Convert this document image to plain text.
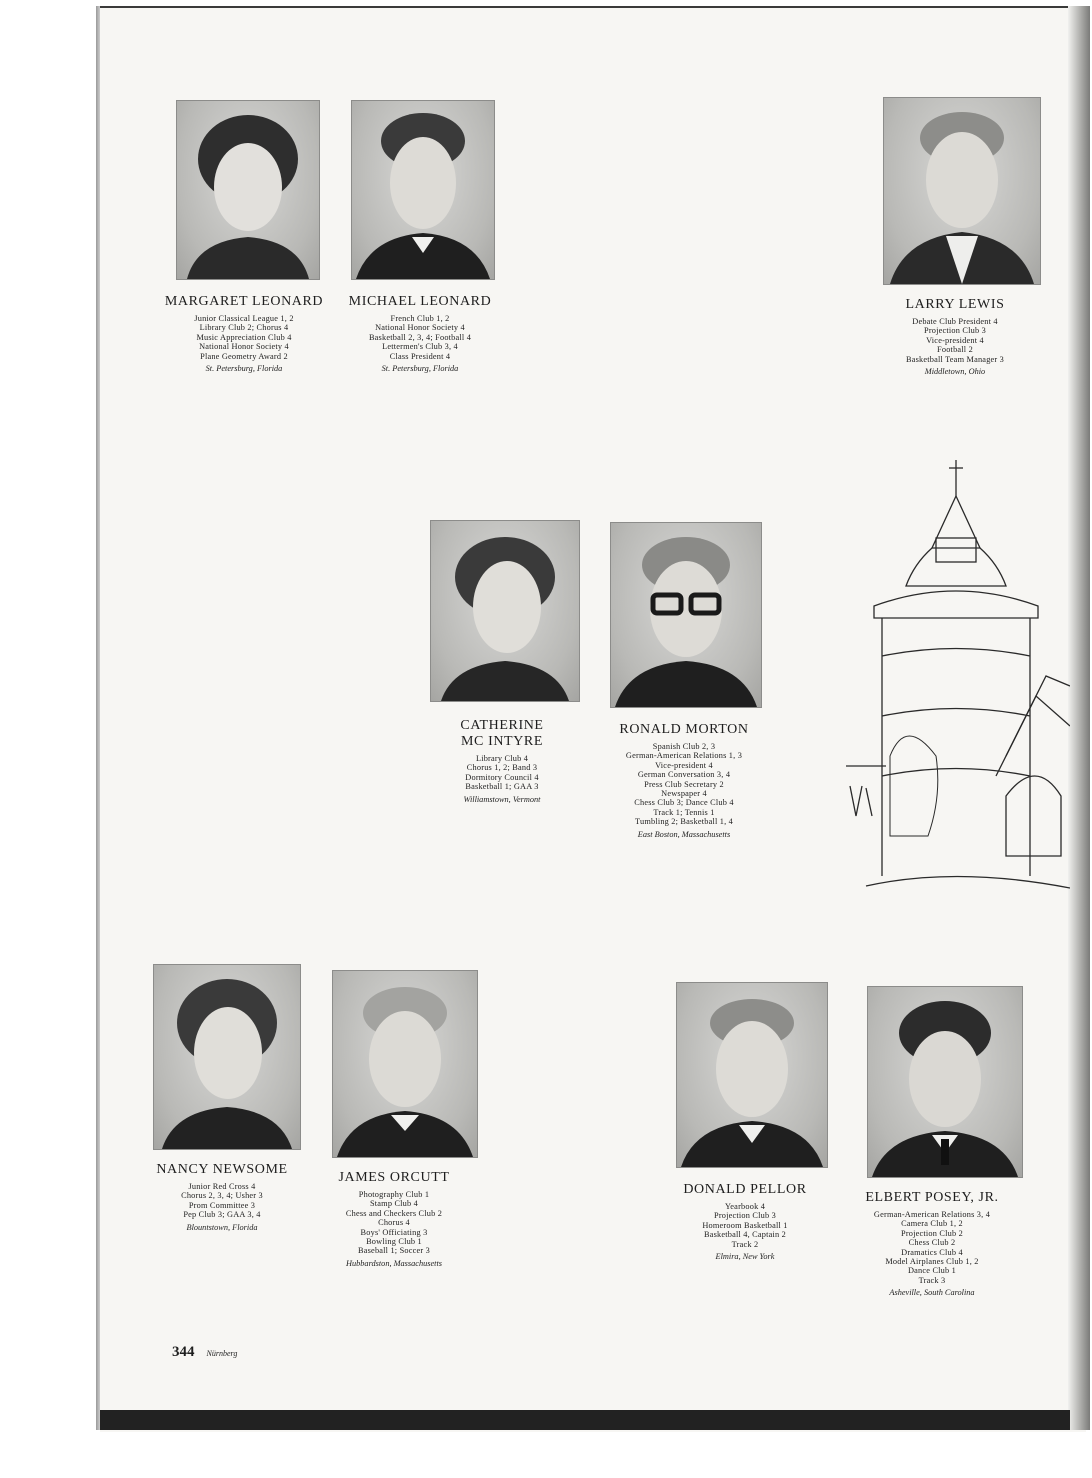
MARGARET LEONARD
Junior Classical League 1, 2
Library Club 2; Chorus 4
Music Appreciation Club 4
National Honor Society 4
Plane Geometry Award 2
St. Petersburg, Florida
MICHAEL LEONARD
French Club 1, 2
National Honor Society 4
Basketball 2, 3, 4; Football 4
Lettermen's Club 3, 4
Class President 4
St. Petersburg, Florida
LARRY LEWIS
Debate Club President 4
Projection Club 3
Vice-president 4
Football 2
Basketball Team Manager 3
Middletown, Ohio
CATHERINE
MC INTYRE
Library Club 4
Chorus 1, 2; Band 3
Dormitory Council 4
Basketball 1; GAA 3
Williamstown, Vermont
RONALD MORTON
Spanish Club 2, 3
German-American Relations 1, 3
Vice-president 4
German Conversation 3, 4
Press Club Secretary 2
Newspaper 4
Chess Club 3; Dance Club 4
Track 1; Tennis 1
Tumbling 2; Basketball 1, 4
East Boston, Massachusetts
NANCY NEWSOME
Junior Red Cross 4
Chorus 2, 3, 4; Usher 3
Prom Committee 3
Pep Club 3; GAA 3, 4
Blountstown, Florida
JAMES ORCUTT
Photography Club 1
Stamp Club 4
Chess and Checkers Club 2
Chorus 4
Boys' Officiating 3
Bowling Club 1
Baseball 1; Soccer 3
Hubbardston, Massachusetts
DONALD PELLOR
Yearbook 4
Projection Club 3
Homeroom Basketball 1
Basketball 4, Captain 2
Track 2
Elmira, New York
ELBERT POSEY, JR.
German-American Relations 3, 4
Camera Club 1, 2
Projection Club 2
Chess Club 2
Dramatics Club 4
Model Airplanes Club 1, 2
Dance Club 1
Track 3
Asheville, South Carolina
344 Nürnberg
